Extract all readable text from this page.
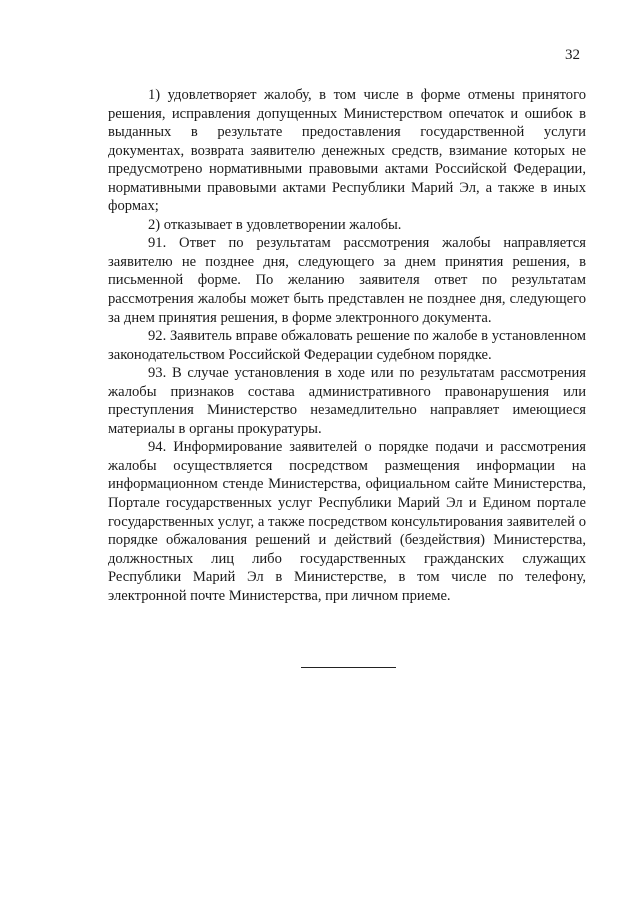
32

1) удовлетворяет жалобу, в том числе в форме отмены принятого решения, исправления допущенных Министерством опечаток и ошибок в выданных в результате предоставления государственной услуги документах, возврата заявителю денежных средств, взимание которых не предусмотрено нормативными правовыми актами Российской Федерации, нормативными правовыми актами Республики Марий Эл, а также в иных формах;

2) отказывает в удовлетворении жалобы.

91. Ответ по результатам рассмотрения жалобы направляется заявителю не позднее дня, следующего за днем принятия решения, в письменной форме. По желанию заявителя ответ по результатам рассмотрения жалобы может быть представлен не позднее дня, следующего за днем принятия решения, в форме электронного документа.

92. Заявитель вправе обжаловать решение по жалобе в установленном законодательством Российской Федерации судебном порядке.

93. В случае установления в ходе или по результатам рассмотрения жалобы признаков состава административного правонарушения или преступления Министерство незамедлительно направляет имеющиеся материалы в органы прокуратуры.

94. Информирование заявителей о порядке подачи и рассмотрения жалобы осуществляется посредством размещения информации на информационном стенде Министерства, официальном сайте Министерства, Портале государственных услуг Республики Марий Эл и Едином портале государственных услуг, а также посредством консультирования заявителей о порядке обжалования решений и действий (бездействия) Министерства, должностных лиц либо государственных гражданских служащих Республики Марий Эл в Министерстве, в том числе по телефону, электронной почте Министерства, при личном приеме.
